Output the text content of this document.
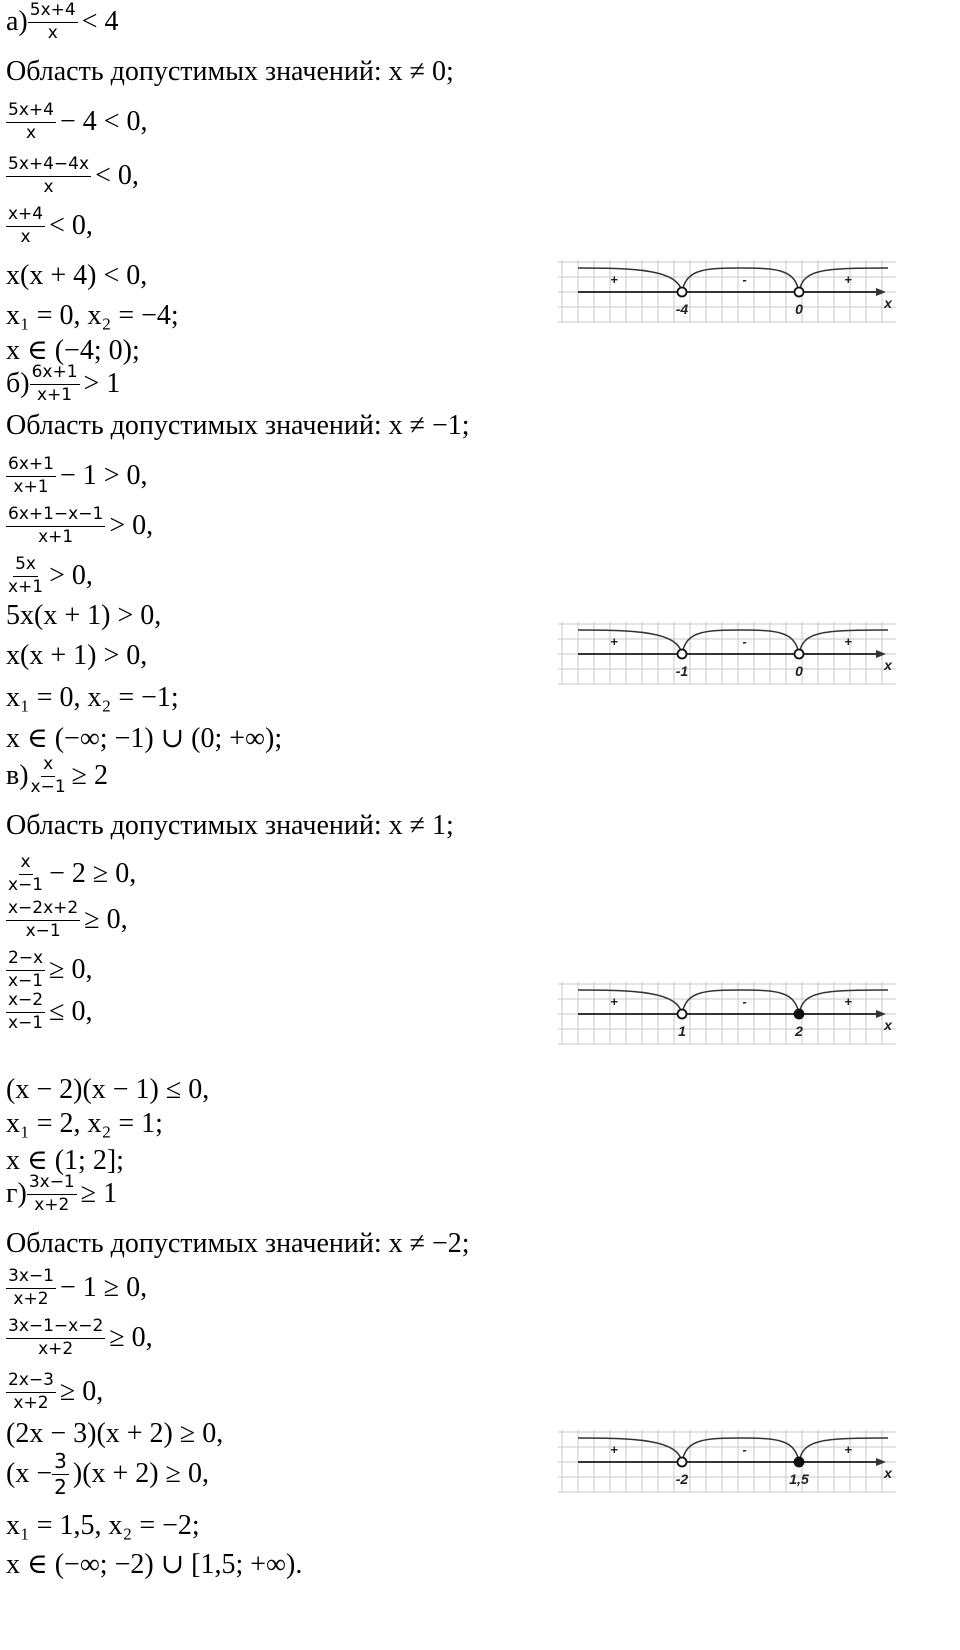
$а) \frac{5x+4}{x} < 4$
Область допустимых значений: x ≠ 0;
$\frac{5x+4}{x} - 4 < 0$,
$\frac{5x+4-4x}{x} < 0$,
$\frac{x+4}{x} < 0$,
x(x + 4) < 0,
x₁ = 0, x₂ = −4;
x ∈ (−4; 0);
+	-	+
-4	0	x
$б) \frac{6x+1}{x+1} > 1$
Область допустимых значений: x ≠ −1;
$\frac{6x+1}{x+1} - 1 > 0$,
$\frac{6x+1-x-1}{x+1} > 0$,
$\frac{5x}{x+1} > 0$,
5x(x + 1) > 0,
x(x + 1) > 0,
x₁ = 0, x₂ = −1;
x ∈ (−∞; −1) ∪ (0; +∞);
+	-	+
-1	0	x
$в) \frac{x}{x-1} \ge 2$
Область допустимых значений: x ≠ 1;
$\frac{x}{x-1} - 2 \ge 0$,
$\frac{x-2x+2}{x-1} \ge 0$,
$\frac{2-x}{x-1} \ge 0$,
$\frac{x-2}{x-1} \le 0$,
(x − 2)(x − 1) ≤ 0,
x₁ = 2, x₂ = 1;
x ∈ (1; 2];
+	-	+
1	2	x
$г) \frac{3x-1}{x+2} \ge 1$
Область допустимых значений: x ≠ −2;
$\frac{3x-1}{x+2} - 1 \ge 0$,
$\frac{3x-1-x-2}{x+2} \ge 0$,
$\frac{2x-3}{x+2} \ge 0$,
(2x − 3)(x + 2) ≥ 0,
($x - \frac{3}{2}$ ) (x + 2) ≥ 0,
x₁ = 1,5, x₂ = −2;
x ∈ (−∞; −2) ∪ [1,5; +∞).
+	-	+
-2	1,5	x
